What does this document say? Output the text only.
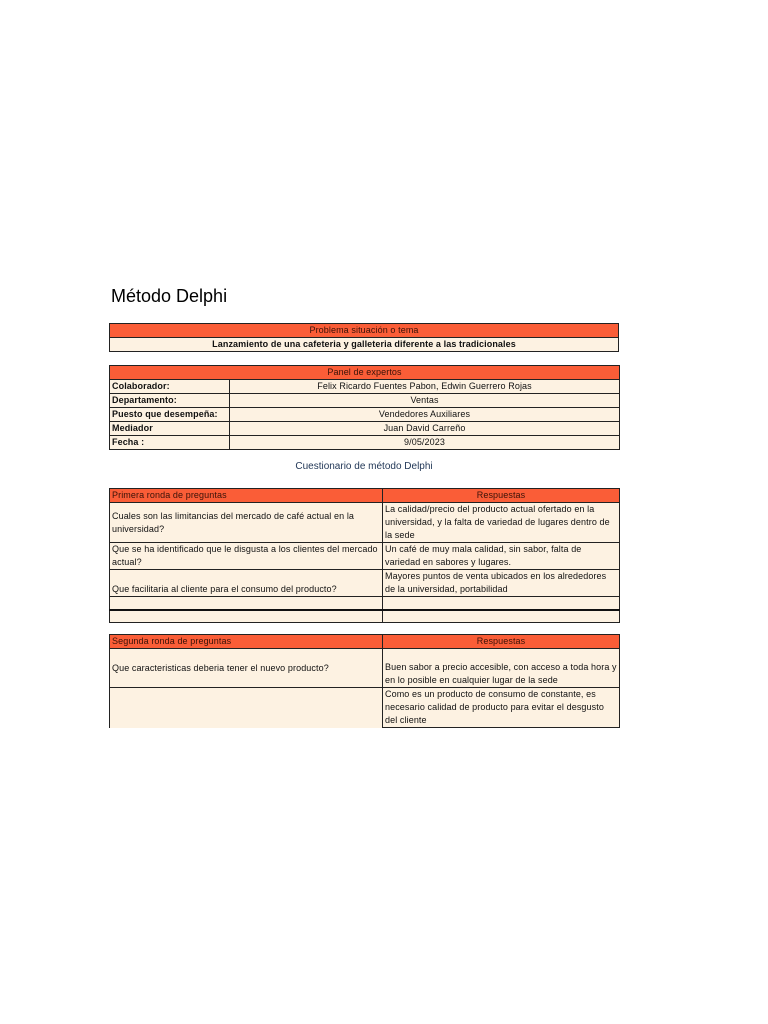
Método Delphi
Problema situación o tema
Lanzamiento de una cafeteria y galleteria diferente a las tradicionales
Panel de expertos	
Colaborador:	Felix Ricardo Fuentes Pabon, Edwin Guerrero Rojas
Departamento:	Ventas
Puesto que desempeña:	Vendedores Auxiliares
Mediador	Juan David Carreño
Fecha :	9/05/2023
Cuestionario de método Delphi
Primera ronda de preguntas	Respuestas
Cuales son las limitancias del mercado de café actual en la universidad?	La calidad/precio del producto actual ofertado en la universidad, y la falta de variedad de lugares dentro de la sede
Que se ha identificado que le disgusta a los clientes del mercado actual?	Un café de muy mala calidad, sin sabor, falta de variedad en sabores y lugares.
Que facilitaria al cliente para el consumo del producto?	Mayores puntos de venta ubicados en los alrededores de la universidad, portabilidad

Segunda ronda de preguntas	Respuestas
Que caracteristicas deberia tener el nuevo producto?	Buen sabor a precio accesible, con acceso a toda hora y en lo posible en cualquier lugar de la sede
	Como es un producto de consumo de constante, es necesario calidad de producto para evitar el desgusto del cliente
